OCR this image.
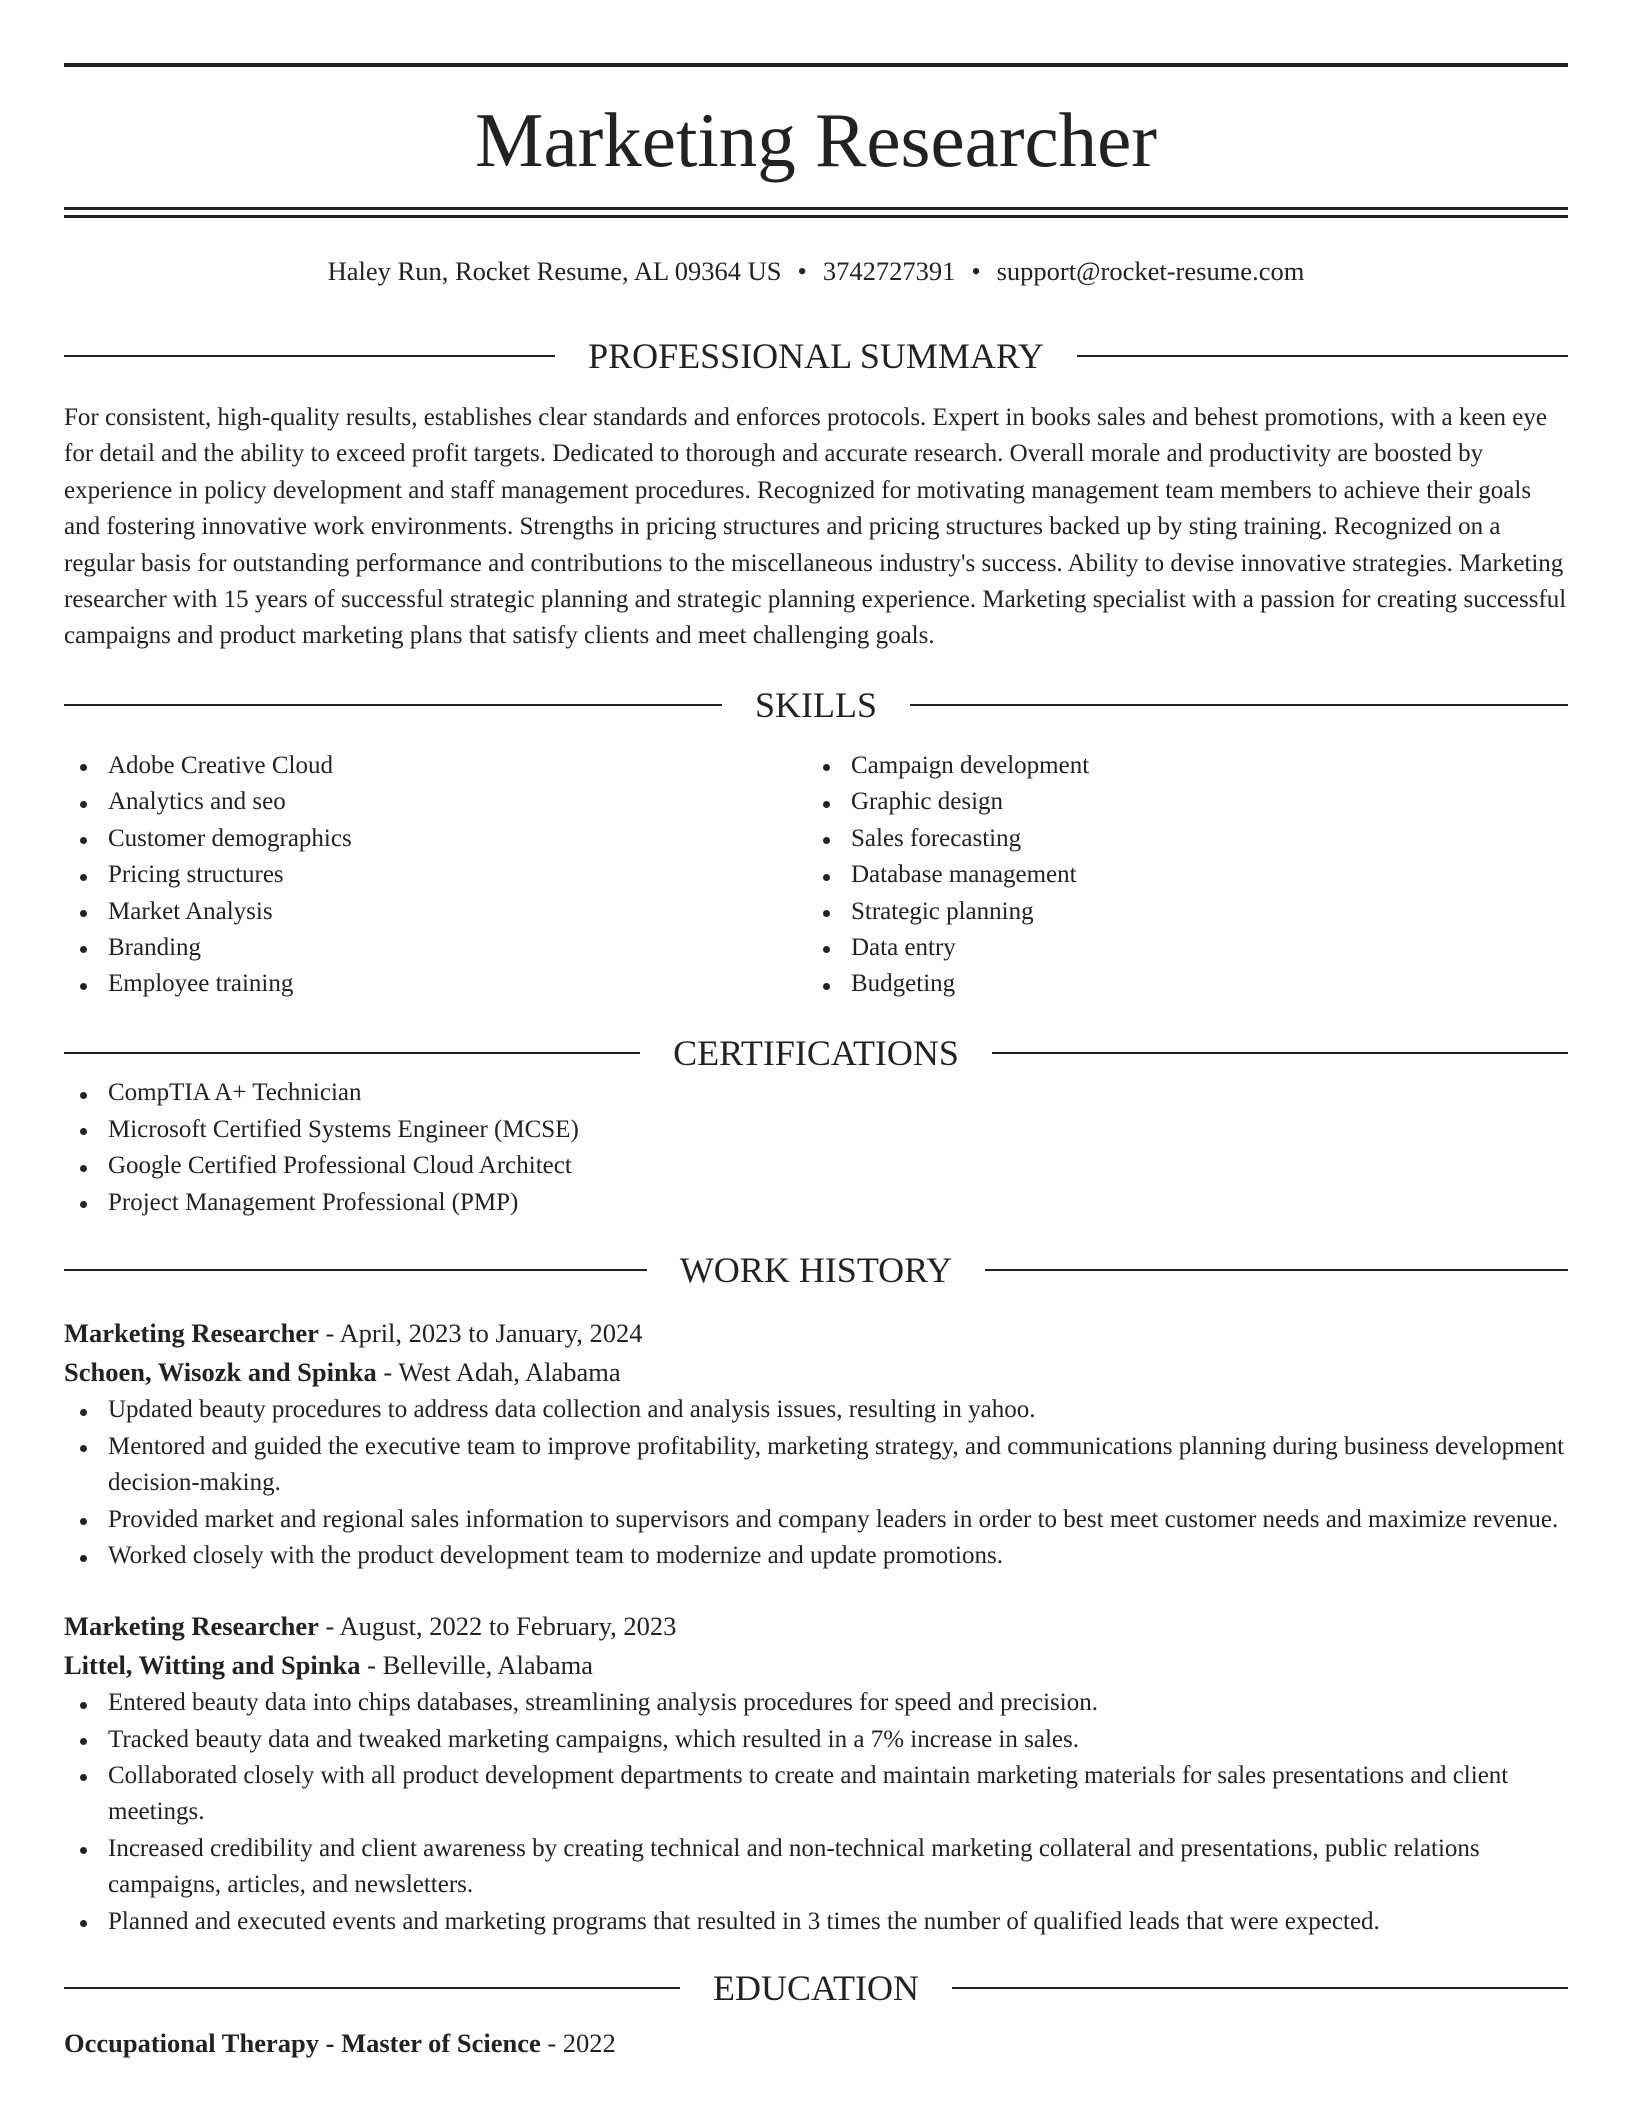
Marketing Researcher
Haley Run, Rocket Resume, AL 09364 US • 3742727391 • support@rocket-resume.com
PROFESSIONAL SUMMARY

For consistent, high-quality results, establishes clear standards and enforces protocols. Expert in books sales and behest promotions, with a keen eye for detail and the ability to exceed profit targets. Dedicated to thorough and accurate research. Overall morale and productivity are boosted by experience in policy development and staff management procedures. Recognized for motivating management team members to achieve their goals and fostering innovative work environments. Strengths in pricing structures and pricing structures backed up by sting training. Recognized on a regular basis for outstanding performance and contributions to the miscellaneous industry's success. Ability to devise innovative strategies. Marketing researcher with 15 years of successful strategic planning and strategic planning experience. Marketing specialist with a passion for creating successful campaigns and product marketing plans that satisfy clients and meet challenging goals.

SKILLS
Adobe Creative Cloud
Analytics and seo
Customer demographics
Pricing structures
Market Analysis
Branding
Employee training
Campaign development
Graphic design
Sales forecasting
Database management
Strategic planning
Data entry
Budgeting
CERTIFICATIONS
CompTIA A+ Technician
Microsoft Certified Systems Engineer (MCSE)
Google Certified Professional Cloud Architect
Project Management Professional (PMP)
WORK HISTORY
Marketing Researcher - April, 2023 to January, 2024
Schoen, Wisozk and Spinka - West Adah, Alabama
Updated beauty procedures to address data collection and analysis issues, resulting in yahoo.
Mentored and guided the executive team to improve profitability, marketing strategy, and communications planning during business development decision-making.
Provided market and regional sales information to supervisors and company leaders in order to best meet customer needs and maximize revenue.
Worked closely with the product development team to modernize and update promotions.
Marketing Researcher - August, 2022 to February, 2023
Littel, Witting and Spinka - Belleville, Alabama
Entered beauty data into chips databases, streamlining analysis procedures for speed and precision.
Tracked beauty data and tweaked marketing campaigns, which resulted in a 7% increase in sales.
Collaborated closely with all product development departments to create and maintain marketing materials for sales presentations and client meetings.
Increased credibility and client awareness by creating technical and non-technical marketing collateral and presentations, public relations campaigns, articles, and newsletters.
Planned and executed events and marketing programs that resulted in 3 times the number of qualified leads that were expected.
EDUCATION
Occupational Therapy - Master of Science - 2022
